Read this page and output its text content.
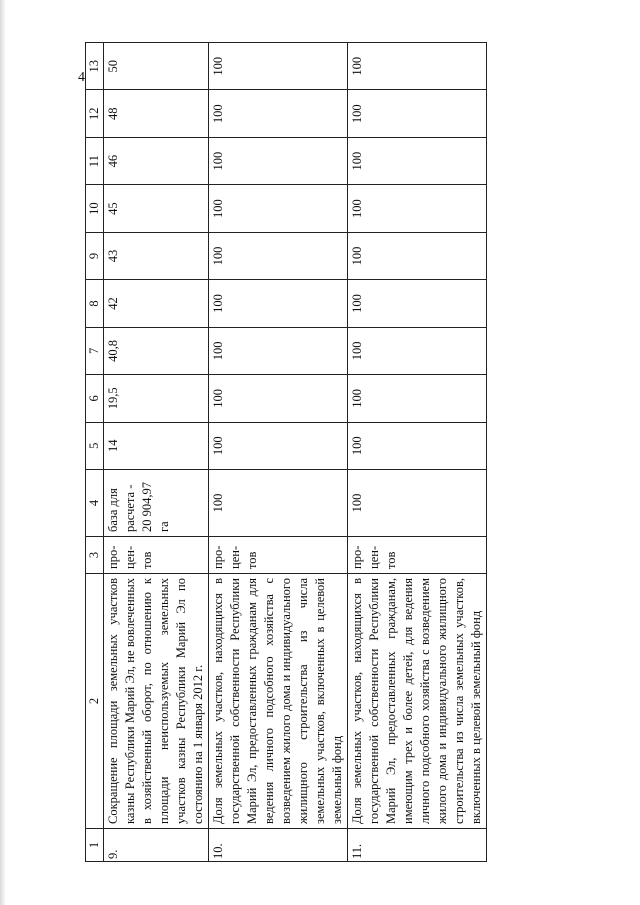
4
1	2	3	4	5	6	7	8	9	10	11	12	13
9.	Сокращение площади земельных участков казны Республики Марий Эл, не вовлеченных в хозяйственный оборот, по отношению к площади неиспользуемых земельных участков казны Республики Марий Эл по состоянию на 1 января 2012 г.	про- цен- тов	база для расчета - 20 904,97 га	14	19,5	40,8	42	43	45	46	48	50
10.	Доля земельных участков, находящихся в государственной собственности Республики Марий Эл, предоставленных гражданам для ведения личного подсобного хозяйства с возведением жилого дома и индивидуального жилищного строительства из числа земельных участков, включенных в целевой земельный фонд	про- цен- тов	100	100	100	100	100	100	100	100	100	100
11.	Доля земельных участков, находящихся в государственной собственности Республики Марий Эл, предоставленных гражданам, имеющим трех и более детей, для ведения личного подсобного хозяйства с возведением жилого дома и индивидуального жилищного строительства из числа земельных участков, включенных в целевой земельный фонд	про- цен- тов	100	100	100	100	100	100	100	100	100	100
